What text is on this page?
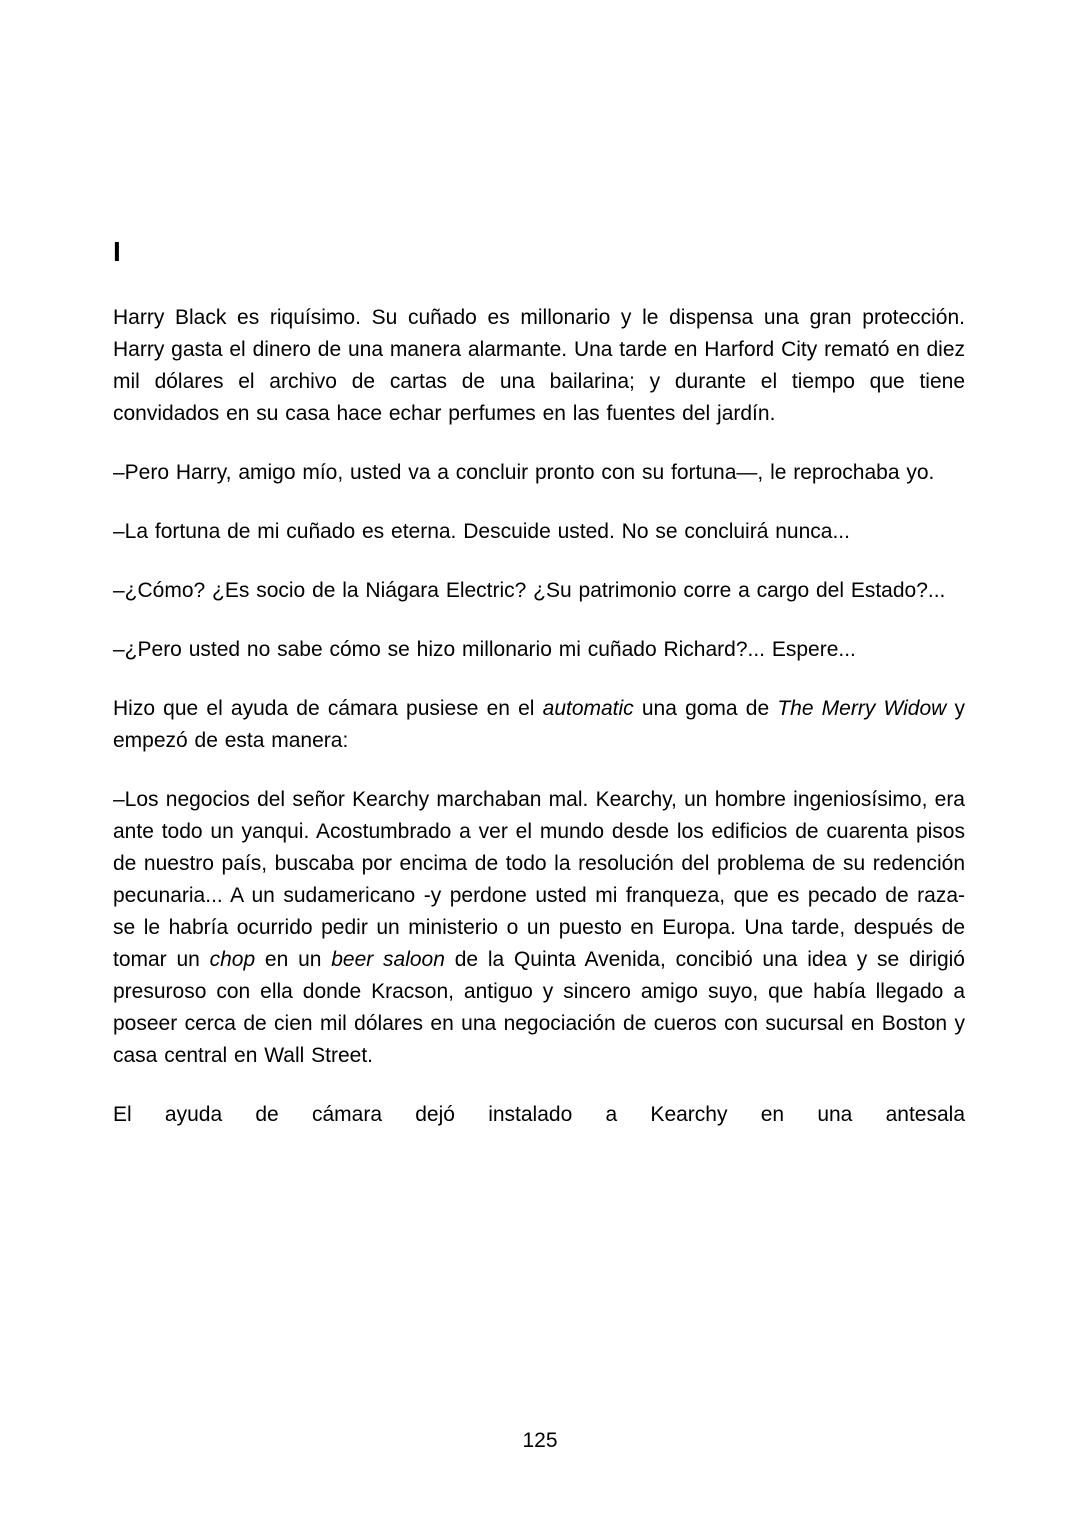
I

Harry Black es riquísimo. Su cuñado es millonario y le dispensa una gran protección. Harry gasta el dinero de una manera alarmante. Una tarde en Harford City remató en diez mil dólares el archivo de cartas de una bailarina; y durante el tiempo que tiene convidados en su casa hace echar perfumes en las fuentes del jardín.

–Pero Harry, amigo mío, usted va a concluir pronto con su fortuna—, le reprochaba yo.

–La fortuna de mi cuñado es eterna. Descuide usted. No se concluirá nunca...

–¿Cómo? ¿Es socio de la Niágara Electric? ¿Su patrimonio corre a cargo del Estado?...

–¿Pero usted no sabe cómo se hizo millonario mi cuñado Richard?... Espere...

Hizo que el ayuda de cámara pusiese en el automatic una goma de The Merry Widow y empezó de esta manera:

–Los negocios del señor Kearchy marchaban mal. Kearchy, un hombre ingeniosísimo, era ante todo un yanqui. Acostumbrado a ver el mundo desde los edificios de cuarenta pisos de nuestro país, buscaba por encima de todo la resolución del problema de su redención pecunaria... A un sudamericano -y perdone usted mi franqueza, que es pecado de raza- se le habría ocurrido pedir un ministerio o un puesto en Europa. Una tarde, después de tomar un chop en un beer saloon de la Quinta Avenida, concibió una idea y se dirigió presuroso con ella donde Kracson, antiguo y sincero amigo suyo, que había llegado a poseer cerca de cien mil dólares en una negociación de cueros con sucursal en Boston y casa central en Wall Street.

El ayuda de cámara dejó instalado a Kearchy en una antesala

125
